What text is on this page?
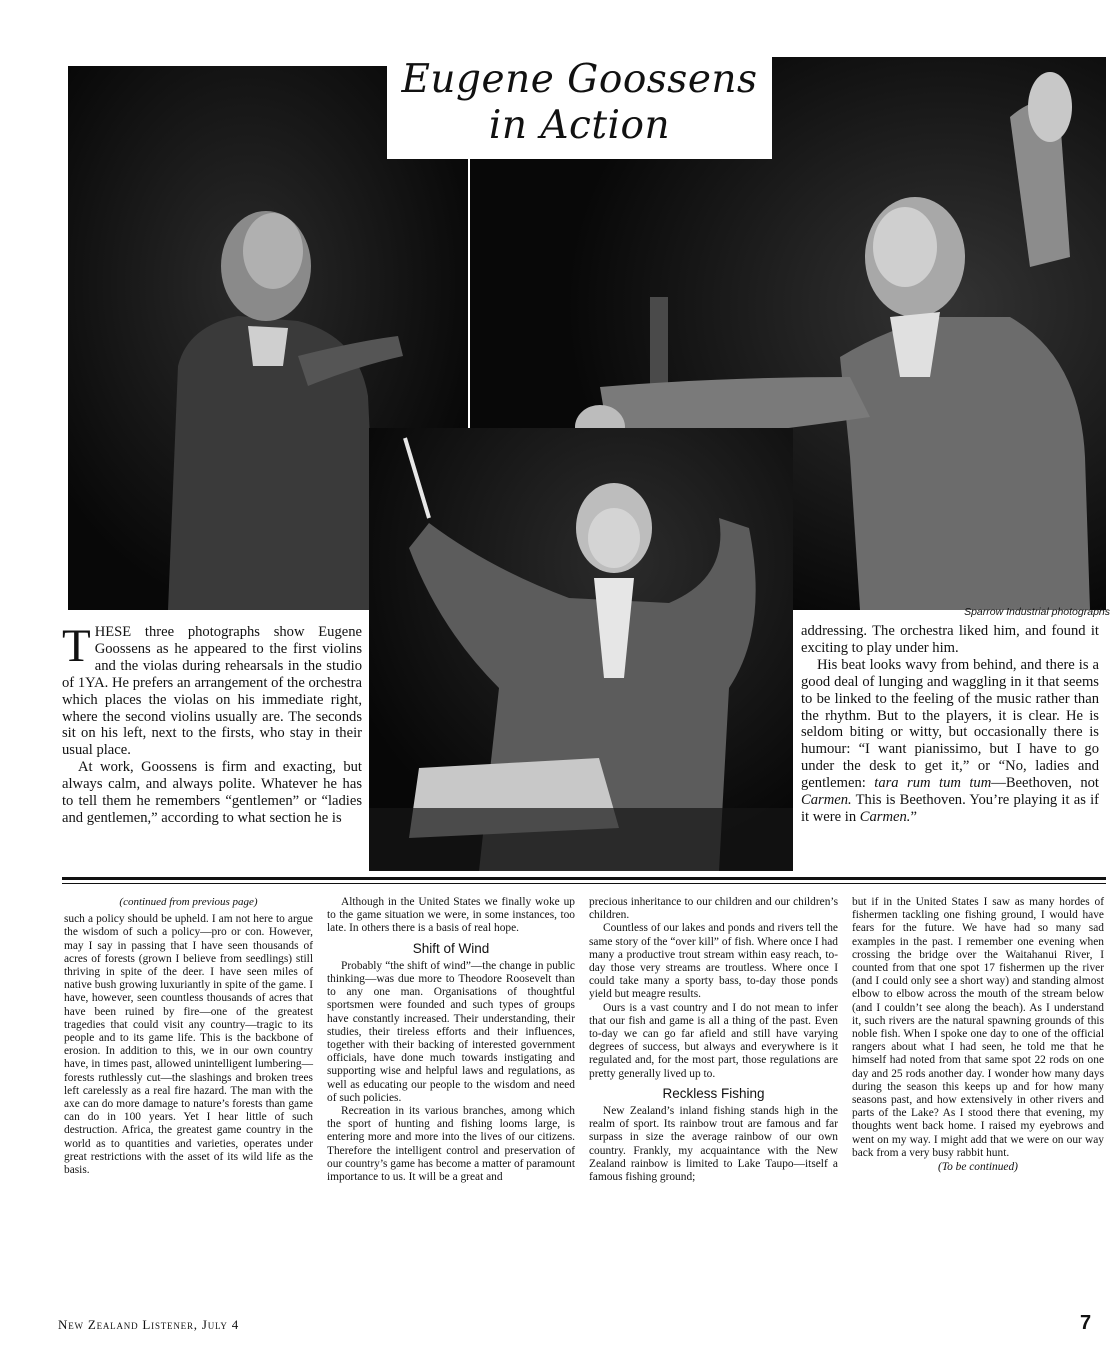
Eugene Goossens
in Action
Sparrow Industrial photographs

THESE three photographs show Eugene Goossens as he appeared to the first violins and the violas during rehearsals in the studio of 1YA. He prefers an arrangement of the orchestra which places the violas on his immediate right, where the second violins usually are. The seconds sit on his left, next to the firsts, who stay in their usual place.

At work, Goossens is firm and exacting, but always calm, and always polite. Whatever he has to tell them he remembers “gentlemen” or “ladies and gentlemen,” according to what section he is

addressing. The orchestra liked him, and found it exciting to play under him.

His beat looks wavy from behind, and there is a good deal of lunging and waggling in it that seems to be linked to the feeling of the music rather than the rhythm. But to the players, it is clear. He is seldom biting or witty, but occasionally there is humour: “I want pianissimo, but I have to go under the desk to get it,” or “No, ladies and gentlemen: tara rum tum tum—Beethoven, not Carmen. This is Beethoven. You’re playing it as if it were in Carmen.”

(continued from previous page)

such a policy should be upheld. I am not here to argue the wisdom of such a policy—pro or con. However, may I say in passing that I have seen thousands of acres of forests (grown I believe from seedlings) still thriving in spite of the deer. I have seen miles of native bush growing luxuriantly in spite of the game. I have, however, seen countless thousands of acres that have been ruined by fire—one of the greatest tragedies that could visit any country—tragic to its people and to its game life. This is the backbone of erosion. In addition to this, we in our own country have, in times past, allowed unintelligent lumbering—forests ruthlessly cut—the slashings and broken trees left carelessly as a real fire hazard. The man with the axe can do more damage to nature’s forests than game can do in 100 years. Yet I hear little of such destruction. Africa, the greatest game country in the world as to quantities and varieties, operates under great restrictions with the asset of its wild life as the basis.

Although in the United States we finally woke up to the game situation we were, in some instances, too late. In others there is a basis of real hope.

Shift of Wind

Probably “the shift of wind”—the change in public thinking—was due more to Theodore Roosevelt than to any one man. Organisations of thoughtful sportsmen were founded and such types of groups have constantly increased. Their understanding, their studies, their tireless efforts and their influences, together with their backing of interested government officials, have done much towards instigating and supporting wise and helpful laws and regulations, as well as educating our people to the wisdom and need of such policies.

Recreation in its various branches, among which the sport of hunting and fishing looms large, is entering more and more into the lives of our citizens. Therefore the intelligent control and preservation of our country’s game has become a matter of paramount importance to us. It will be a great and

precious inheritance to our children and our children’s children.

Countless of our lakes and ponds and rivers tell the same story of the “over kill” of fish. Where once I had many a productive trout stream within easy reach, to-day those very streams are troutless. Where once I could take many a sporty bass, to-day those ponds yield but meagre results.

Ours is a vast country and I do not mean to infer that our fish and game is all a thing of the past. Even to-day we can go far afield and still have varying degrees of success, but always and everywhere is it regulated and, for the most part, those regulations are pretty generally lived up to.

Reckless Fishing

New Zealand’s inland fishing stands high in the realm of sport. Its rainbow trout are famous and far surpass in size the average rainbow of our own country. Frankly, my acquaintance with the New Zealand rainbow is limited to Lake Taupo—itself a famous fishing ground;

but if in the United States I saw as many hordes of fishermen tackling one fishing ground, I would have fears for the future. We have had so many sad examples in the past. I remember one evening when crossing the bridge over the Waitahanui River, I counted from that one spot 17 fishermen up the river (and I could only see a short way) and standing almost elbow to elbow across the mouth of the stream below (and I couldn’t see along the beach). As I understand it, such rivers are the natural spawning grounds of this noble fish. When I spoke one day to one of the official rangers about what I had seen, he told me that he himself had noted from that same spot 22 rods on one day and 25 rods another day. I wonder how many days during the season this keeps up and for how many seasons past, and how extensively in other rivers and parts of the Lake? As I stood there that evening, my thoughts went back home. I raised my eyebrows and went on my way. I might add that we were on our way back from a very busy rabbit hunt.

(To be continued)

New Zealand Listener, July 4	7
